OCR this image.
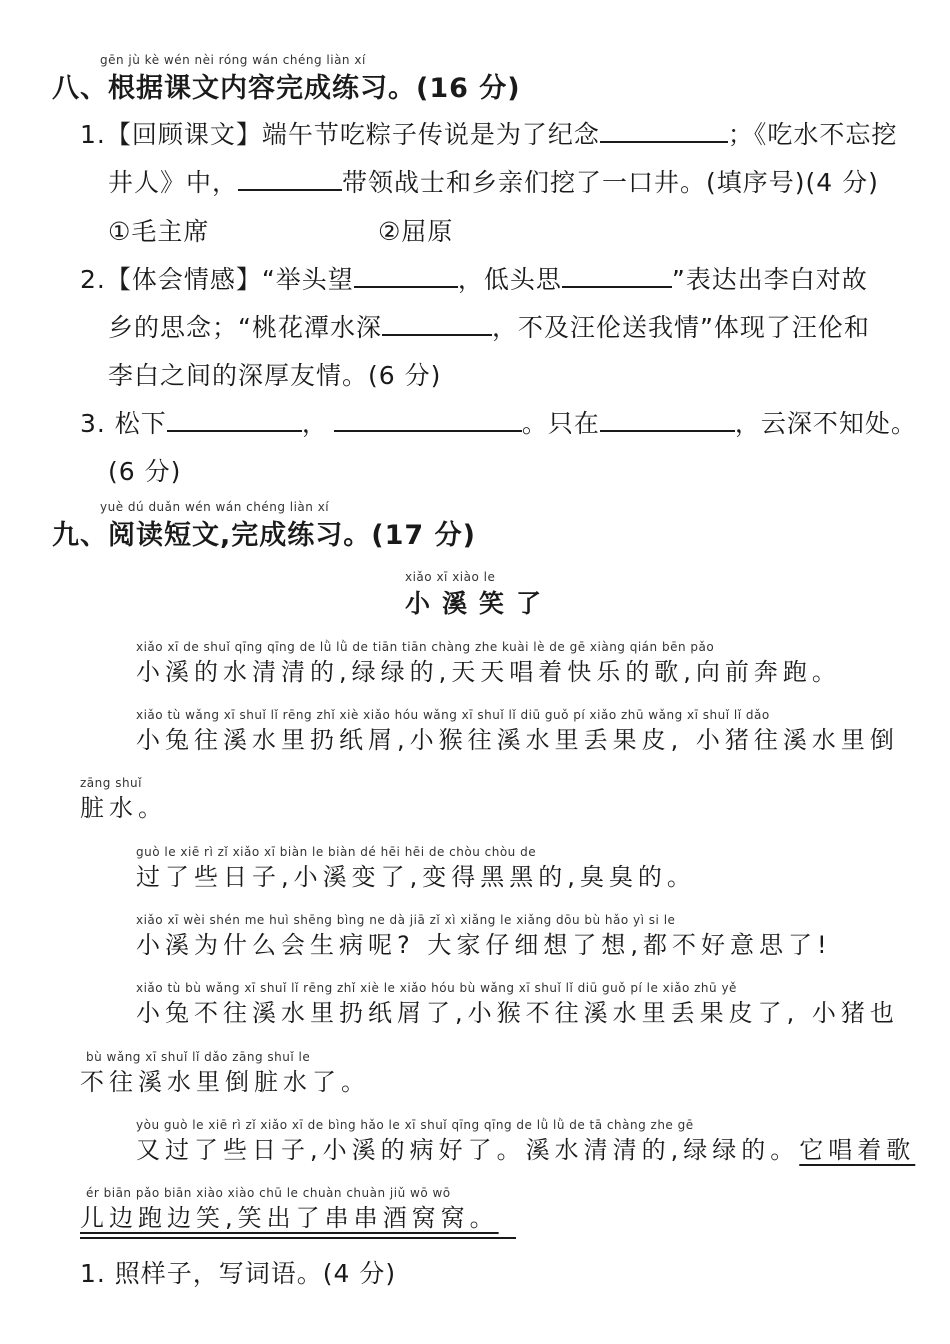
gēn jù kè wén nèi róng wán chéng liàn xí
八、根据课文内容完成练习。(16 分)
1.【回顾课文】端午节吃粽子传说是为了纪念	；《吃水不忘挖
井人》中，	带领战士和乡亲们挖了一口井。(填序号)(4 分)
①毛主席	②屈原
2.【体会情感】“举头望	，低头思	”表达出李白对故
乡的思念；“桃花潭水深	，不及汪伦送我情”体现了汪伦和
李白之间的深厚友情。(6 分)
3. 松下	，	。只在	，云深不知处。
(6 分)
yuè dú duǎn wén wán chéng liàn xí
九、阅读短文,完成练习。(17 分)
xiǎo xī xiào le
小溪笑了
xiǎo xī de shuǐ qīng qīng de lǜ lǜ de tiān tiān chàng zhe kuài lè de gē xiàng qián bēn pǎo
小溪的水清清的,绿绿的,天天唱着快乐的歌,向前奔跑。
xiǎo tù wǎng xī shuǐ lǐ rēng zhǐ xiè xiǎo hóu wǎng xī shuǐ lǐ diū guǒ pí xiǎo zhū wǎng xī shuǐ lǐ dǎo
小兔往溪水里扔纸屑,小猴往溪水里丢果皮, 小猪往溪水里倒
zāng shuǐ
脏水。
guò le xiē rì zǐ xiǎo xī biàn le biàn dé hēi hēi de chòu chòu de
过了些日子,小溪变了,变得黑黑的,臭臭的。
xiǎo xī wèi shén me huì shēng bìng ne dà jiā zǐ xì xiǎng le xiǎng dōu bù hǎo yì si le
小溪为什么会生病呢? 大家仔细想了想,都不好意思了!
xiǎo tù bù wǎng xī shuǐ lǐ rēng zhǐ xiè le xiǎo hóu bù wǎng xī shuǐ lǐ diū guǒ pí le xiǎo zhū yě
小兔不往溪水里扔纸屑了,小猴不往溪水里丢果皮了, 小猪也
bù wǎng xī shuǐ lǐ dǎo zāng shuǐ le
不往溪水里倒脏水了。
yòu guò le xiē rì zǐ xiǎo xī de bìng hǎo le xī shuǐ qīng qīng de lǜ lǜ de tā chàng zhe gē
又过了些日子,小溪的病好了。溪水清清的,绿绿的。它唱着歌
ér biān pǎo biān xiào xiào chū le chuàn chuàn jiǔ wō wō
儿边跑边笑,笑出了串串酒窝窝。
1. 照样子，写词语。(4 分)
